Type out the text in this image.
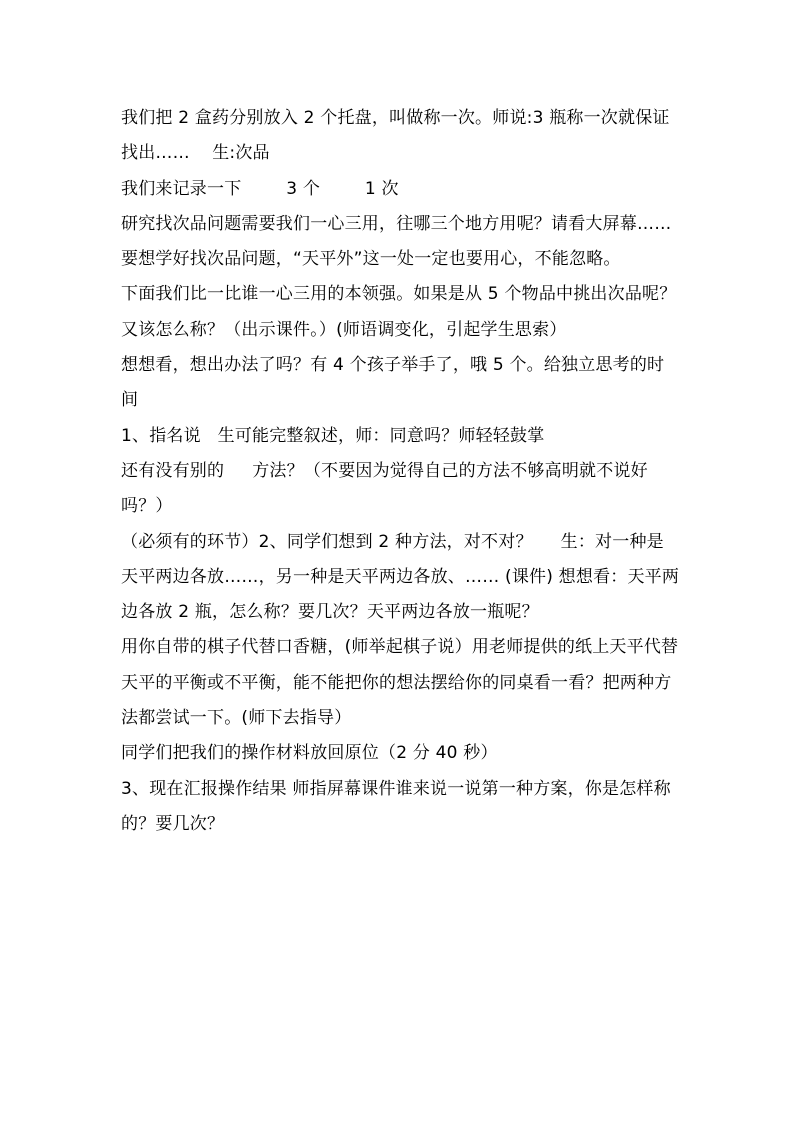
我们把 2 盒药分别放入 2 个托盘，叫做称一次。师说:3 瓶称一次就保证找出……    生:次品

我们来记录一下        3 个        1 次

研究找次品问题需要我们一心三用，往哪三个地方用呢？请看大屏幕……要想学好找次品问题，“天平外”这一处一定也要用心，不能忽略。

下面我们比一比谁一心三用的本领强。如果是从 5 个物品中挑出次品呢？又该怎么称？（出示课件。）(师语调变化，引起学生思索）

想想看，想出办法了吗？有 4 个孩子举手了，哦 5 个。给独立思考的时间

1、指名说   生可能完整叙述，师：同意吗？师轻轻鼓掌

还有没有别的     方法？（不要因为觉得自己的方法不够高明就不说好吗？）

（必须有的环节）2、同学们想到 2 种方法，对不对？     生：对一种是天平两边各放……，另一种是天平两边各放、…… (课件) 想想看：天平两边各放 2 瓶，怎么称？要几次？天平两边各放一瓶呢？

用你自带的棋子代替口香糖，(师举起棋子说）用老师提供的纸上天平代替天平的平衡或不平衡，能不能把你的想法摆给你的同桌看一看？把两种方法都尝试一下。(师下去指导）

同学们把我们的操作材料放回原位（2 分 40 秒）

3、现在汇报操作结果 师指屏幕课件谁来说一说第一种方案，你是怎样称的？要几次？
